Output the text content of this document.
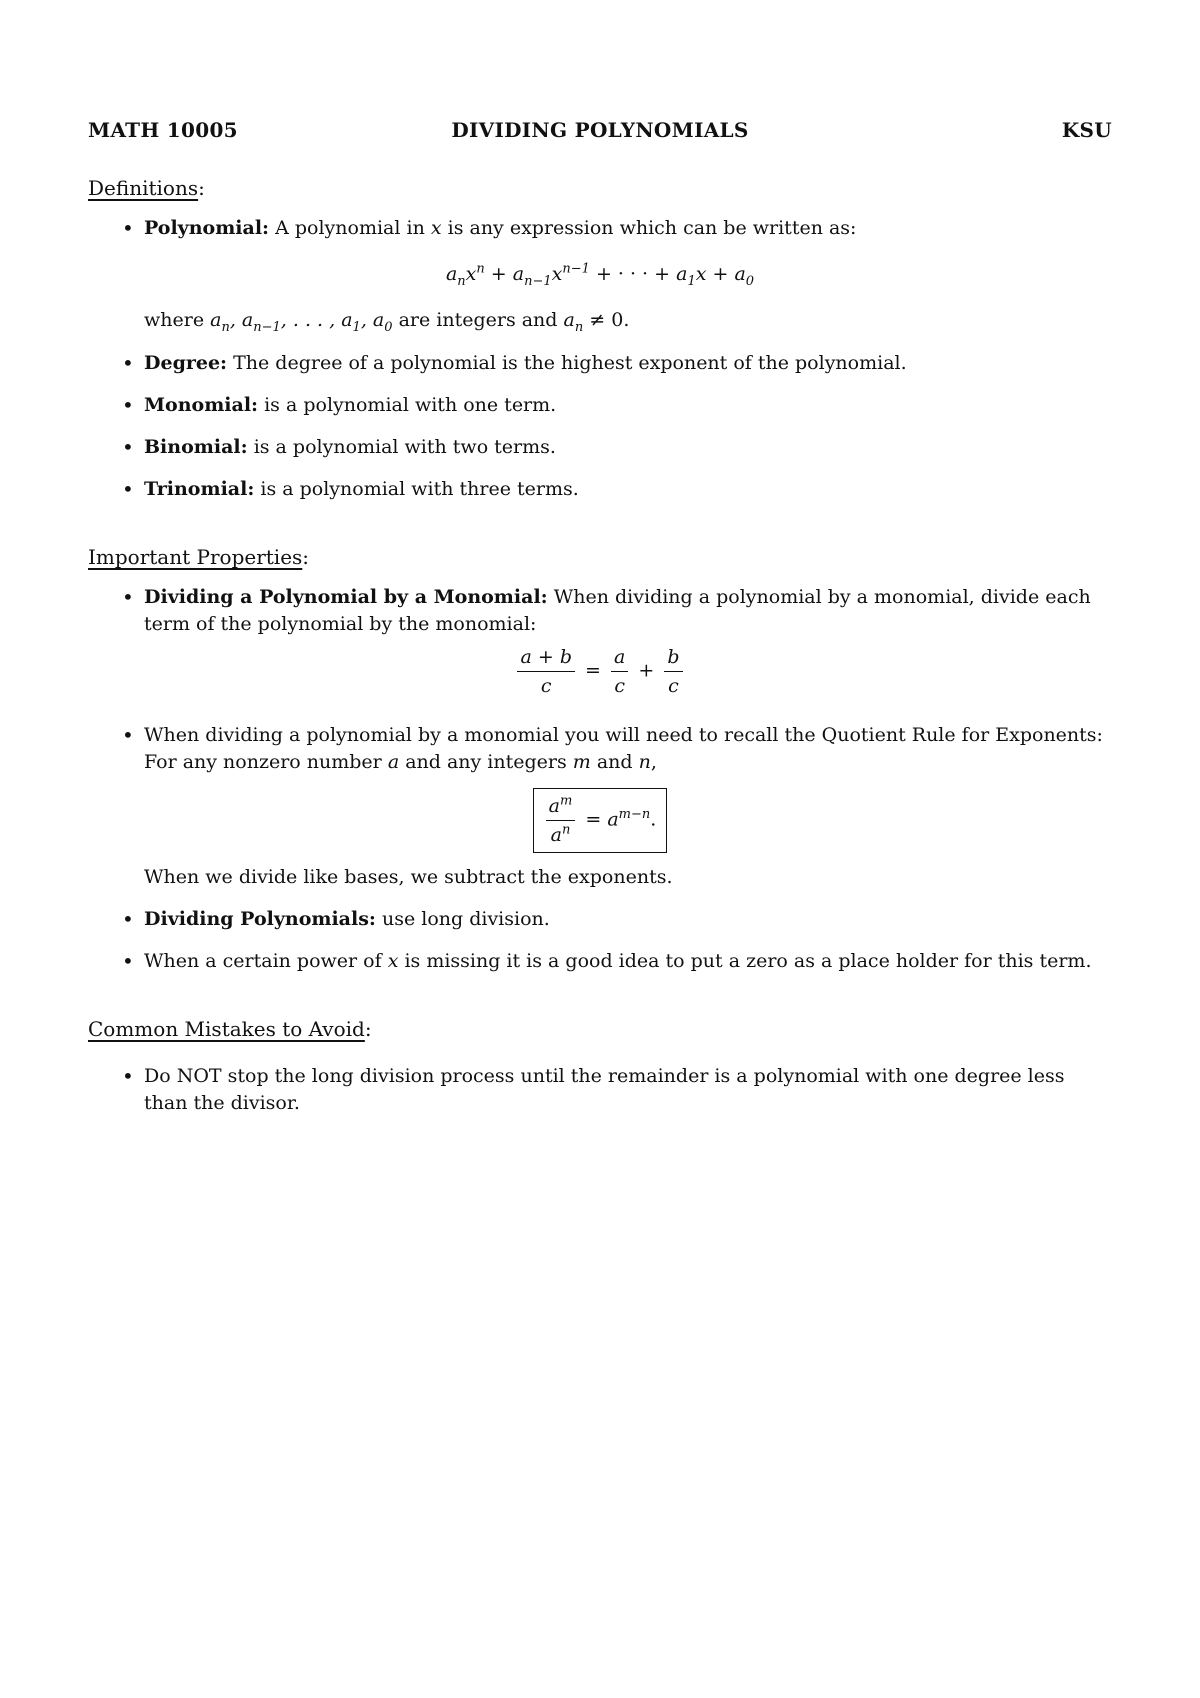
MATH 10005	DIVIDING POLYNOMIALS	KSU
Definitions:
• Polynomial: A polynomial in x is any expression which can be written as:
$a_nx^n + a_{n-1}x^{n-1}$ + · · · + $a_1x + a_0$
where $a_n$, $a_{n-1}$, . . . , $a_1$, $a_0$ are integers and $a_n \ne 0$.
• Degree: The degree of a polynomial is the highest exponent of the polynomial.
• Monomial: is a polynomial with one term.
• Binomial: is a polynomial with two terms.
• Trinomial: is a polynomial with three terms.
Important Properties:
• Dividing a Polynomial by a Monomial: When dividing a polynomial by a monomial, divide each term of the polynomial by the monomial:
$\frac{a + b}{c} = \frac{a}{c} + \frac{b}{c}$
• When dividing a polynomial by a monomial you will need to recall the Quotient Rule for Exponents: For any nonzero number a and any integers m and n,
$\frac{a^m}{a^n} = a^{m-n}$.
When we divide like bases, we subtract the exponents.
• Dividing Polynomials: use long division.
• When a certain power of x is missing it is a good idea to put a zero as a place holder for this term.
Common Mistakes to Avoid:
• Do NOT stop the long division process until the remainder is a polynomial with one degree less than the divisor.
